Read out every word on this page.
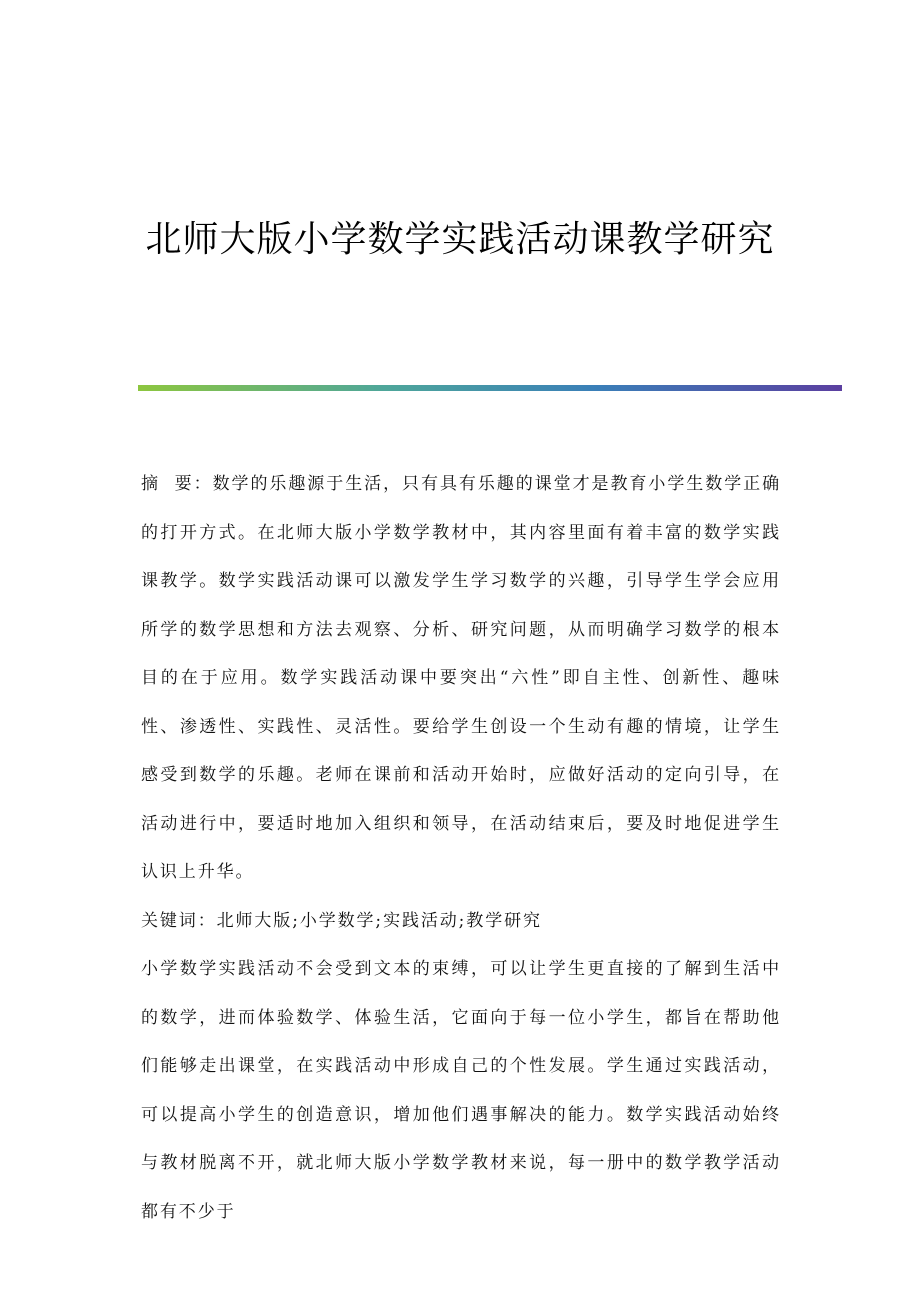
北师大版小学数学实践活动课教学研究

摘  要：数学的乐趣源于生活，只有具有乐趣的课堂才是教育小学生数学正确的打开方式。在北师大版小学数学教材中，其内容里面有着丰富的数学实践课教学。数学实践活动课可以激发学生学习数学的兴趣，引导学生学会应用所学的数学思想和方法去观察、分析、研究问题，从而明确学习数学的根本目的在于应用。数学实践活动课中要突出“六性”即自主性、创新性、趣味性、渗透性、实践性、灵活性。要给学生创设一个生动有趣的情境，让学生感受到数学的乐趣。老师在课前和活动开始时，应做好活动的定向引导，在活动进行中，要适时地加入组织和领导，在活动结束后，要及时地促进学生认识上升华。

关键词：北师大版;小学数学;实践活动;教学研究

小学数学实践活动不会受到文本的束缚，可以让学生更直接的了解到生活中的数学，进而体验数学、体验生活，它面向于每一位小学生，都旨在帮助他们能够走出课堂，在实践活动中形成自己的个性发展。学生通过实践活动，可以提高小学生的创造意识，增加他们遇事解决的能力。数学实践活动始终与教材脱离不开，就北师大版小学数学教材来说，每一册中的数学教学活动都有不少于
